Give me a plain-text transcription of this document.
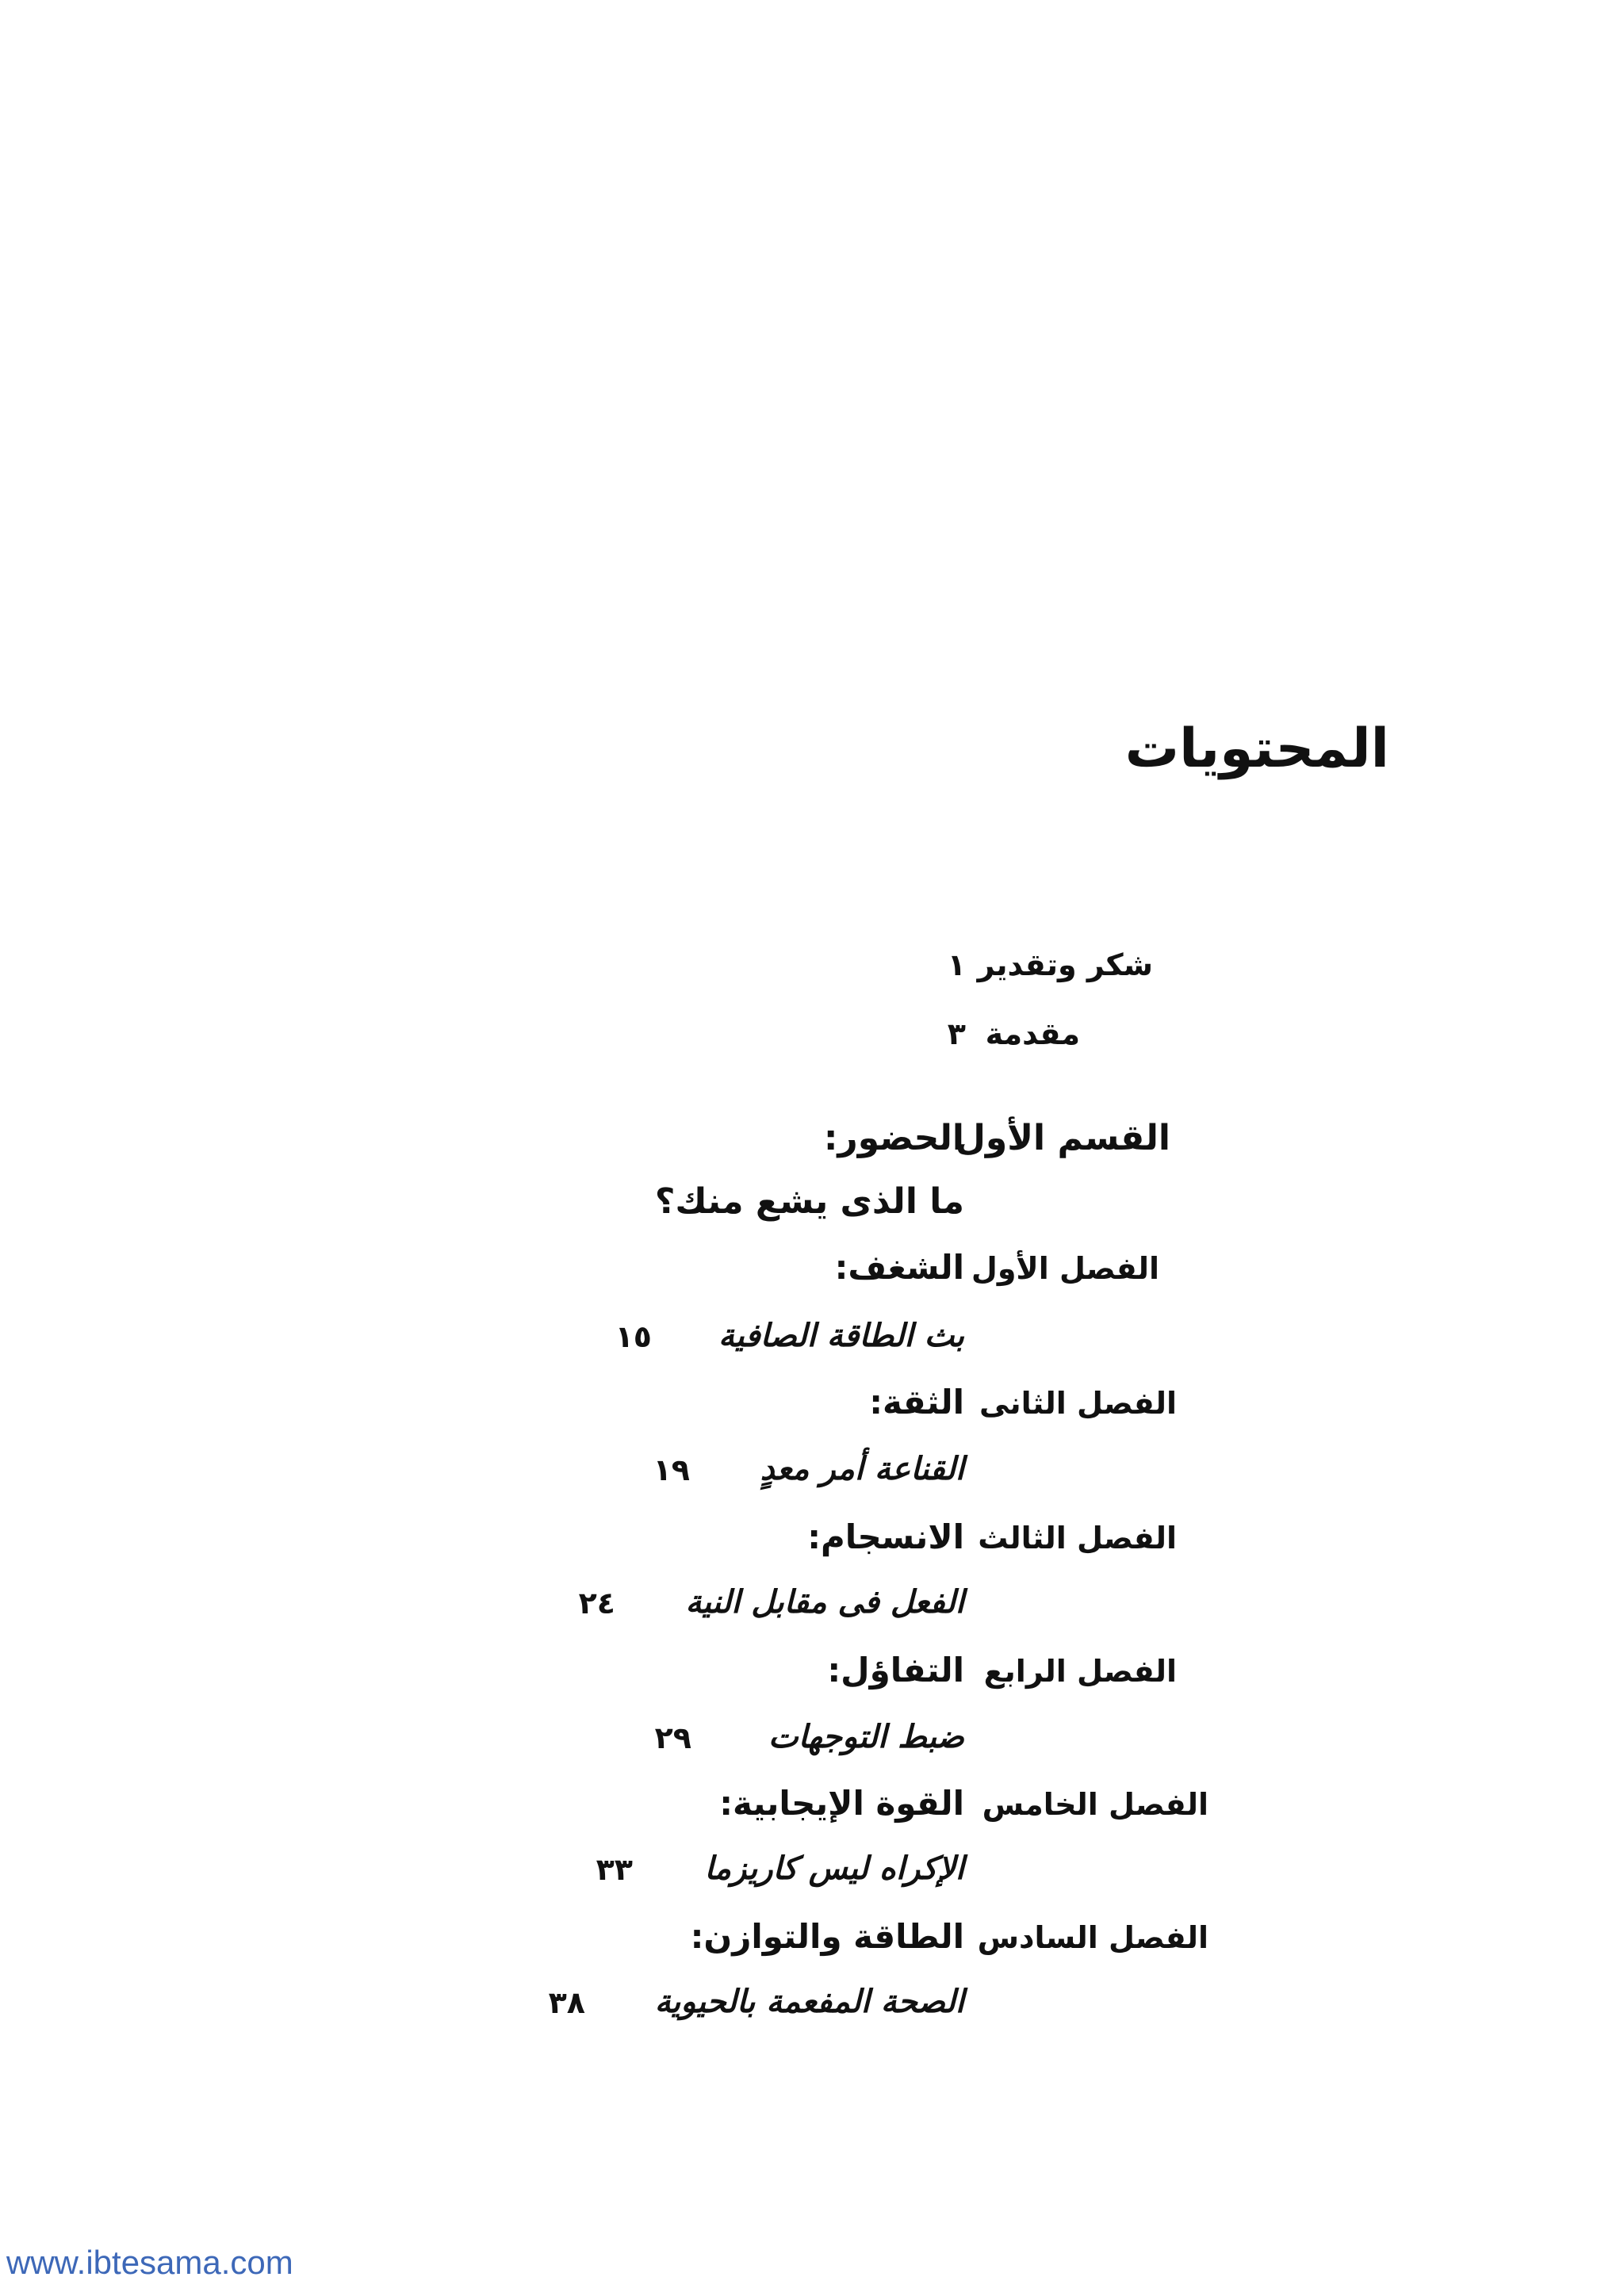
المحتويات
شكر وتقدير
١
مقدمة
٣
القسم الأول
الحضور:
ما الذى يشع منك؟
الفصل الأول
الشغف:
بث الطاقة الصافية
١٥
الفصل الثانى
الثقة:
القناعة أمر معدٍ
١٩
الفصل الثالث
الانسجام:
الفعل فى مقابل النية
٢٤
الفصل الرابع
التفاؤل:
ضبط التوجهات
٢٩
الفصل الخامس
القوة الإيجابية:
الإكراه ليس كاريزما
٣٣
الفصل السادس
الطاقة والتوازن:
الصحة المفعمة بالحيوية
٣٨
www.ibtesama.com
